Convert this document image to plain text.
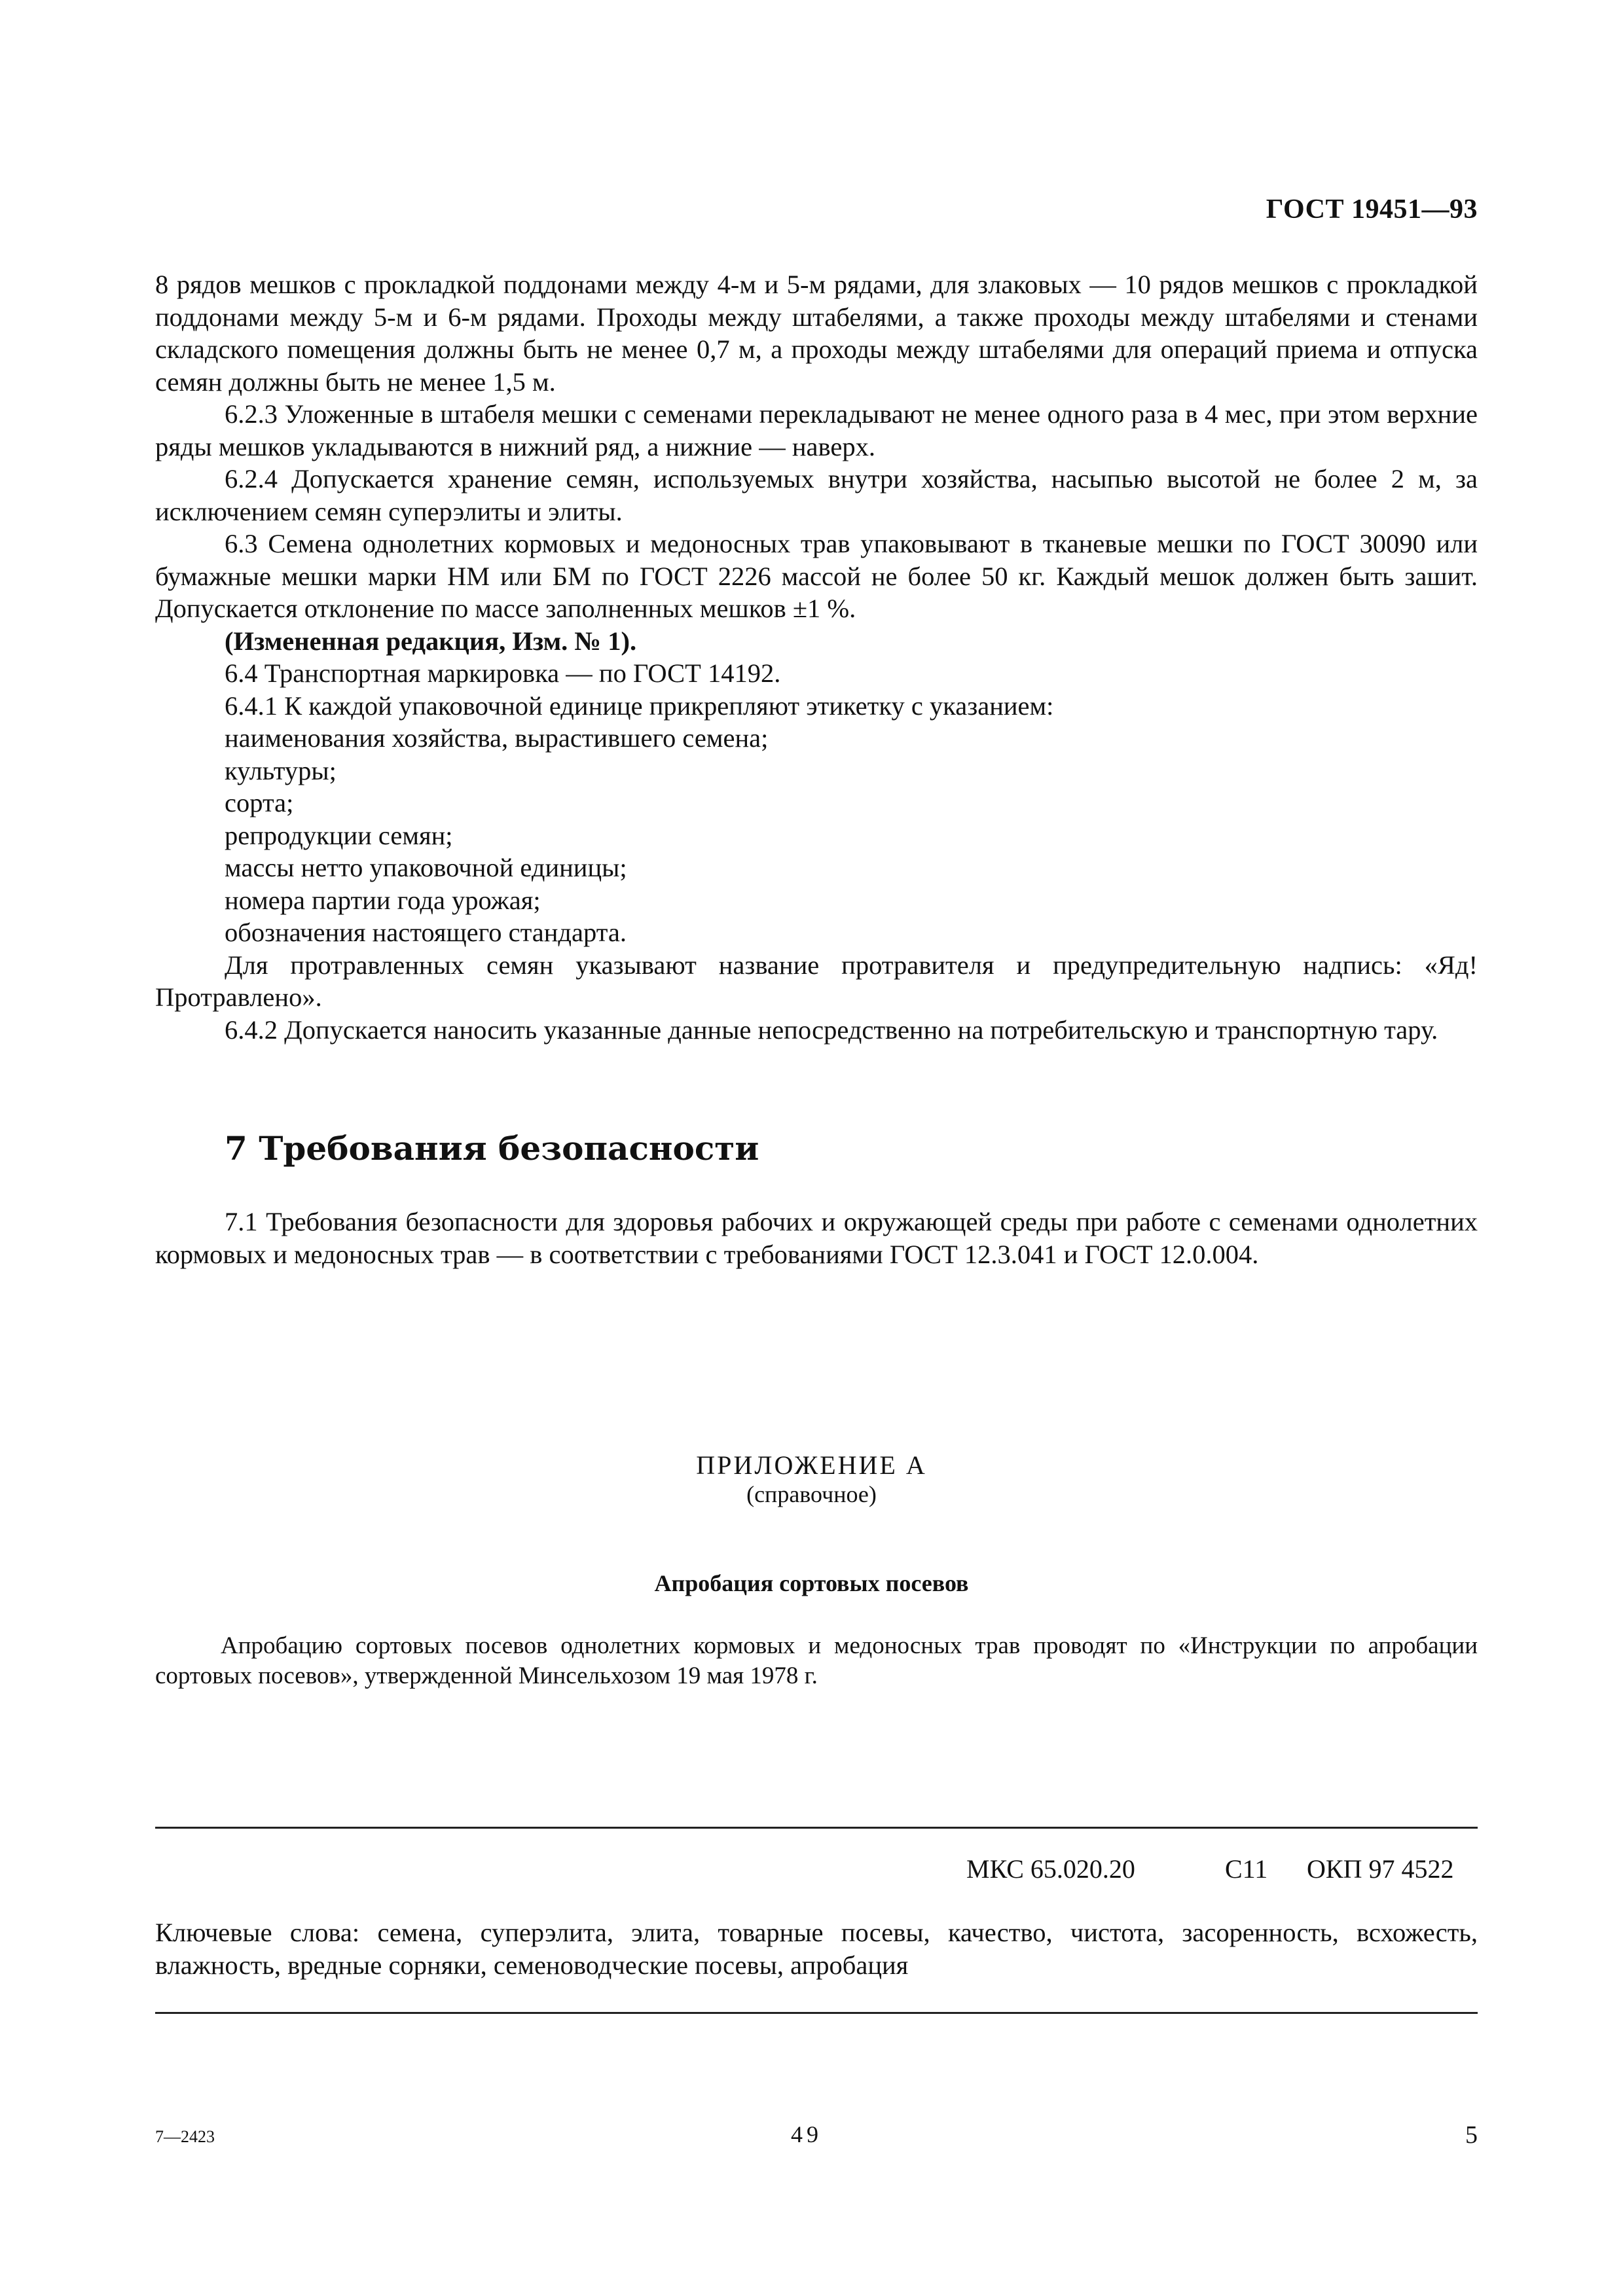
ГОСТ 19451—93

8 рядов мешков с прокладкой поддонами между 4-м и 5-м рядами, для злаковых — 10 рядов мешков с прокладкой поддонами между 5-м и 6-м рядами. Проходы между штабелями, а также проходы между штабелями и стенами складского помещения должны быть не менее 0,7 м, а проходы между штабелями для операций приема и отпуска семян должны быть не менее 1,5 м.

6.2.3 Уложенные в штабеля мешки с семенами перекладывают не менее одного раза в 4 мес, при этом верхние ряды мешков укладываются в нижний ряд, а нижние — наверх.

6.2.4 Допускается хранение семян, используемых внутри хозяйства, насыпью высотой не более 2 м, за исключением семян суперэлиты и элиты.

6.3 Семена однолетних кормовых и медоносных трав упаковывают в тканевые мешки по ГОСТ 30090 или бумажные мешки марки НМ или БМ по ГОСТ 2226 массой не более 50 кг. Каждый мешок должен быть зашит. Допускается отклонение по массе заполненных мешков ±1 %.

(Измененная редакция, Изм. № 1).

6.4 Транспортная маркировка — по ГОСТ 14192.

6.4.1 К каждой упаковочной единице прикрепляют этикетку с указанием:

наименования хозяйства, вырастившего семена;

культуры;

сорта;

репродукции семян;

массы нетто упаковочной единицы;

номера партии года урожая;

обозначения настоящего стандарта.

Для протравленных семян указывают название протравителя и предупредительную надпись: «Яд! Протравлено».

6.4.2 Допускается наносить указанные данные непосредственно на потребительскую и транспортную тару.

7 Требования безопасности
7.1 Требования безопасности для здоровья рабочих и окружающей среды при работе с семенами однолетних кормовых и медоносных трав — в соответствии с требованиями ГОСТ 12.3.041 и ГОСТ 12.0.004.
ПРИЛОЖЕНИЕ А
(справочное)
Апробация сортовых посевов
Апробацию сортовых посевов однолетних кормовых и медоносных трав проводят по «Инструкции по апробации сортовых посевов», утвержденной Минсельхозом 19 мая 1978 г.
МКС 65.020.20	С11 ОКП 97 4522
Ключевые слова: семена, суперэлита, элита, товарные посевы, качество, чистота, засоренность, всхожесть, влажность, вредные сорняки, семеноводческие посевы, апробация
7—2423	49	5
